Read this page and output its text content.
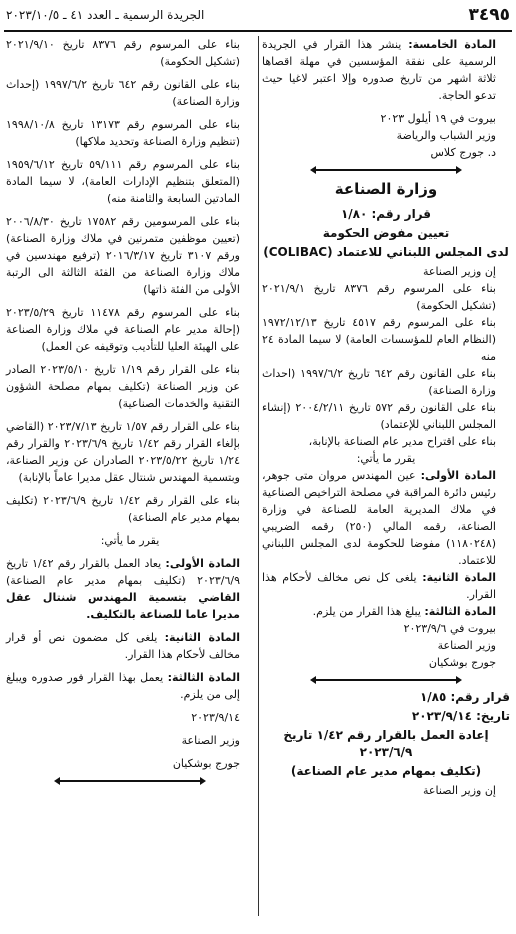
٣٤٩٥
الجريدة الرسمية ـ العدد ٤١ ـ ٢٠٢٣/١٠/٥

المادة الخامسة: ينشر هذا القرار في الجريدة الرسمية على نفقة المؤسسين في مهلة اقصاها ثلاثة اشهر من تاريخ صدوره وإلا اعتبر لاغيا حيث تدعو الحاجة.

بيروت في ١٩ أيلول ٢٠٢٣

وزير الشباب والرياضة

د. جورج كلاس

وزارة الصناعة

قرار رقم: ١/٨٠

تعيين مفوض الحكومة

لدى المجلس اللبناني للاعتماد (COLIBAC)

إن وزير الصناعة

بناء على المرسوم رقم ٨٣٧٦ تاريخ ٢٠٢١/٩/١ (تشكيل الحكومة)

بناء على المرسوم رقم ٤٥١٧ تاريخ ١٩٧٢/١٢/١٣ (النظام العام للمؤسسات العامة) لا سيما المادة ٢٤ منه

بناء على القانون رقم ٦٤٢ تاريخ ١٩٩٧/٦/٢ (احداث وزارة الصناعة)

بناء على القانون رقم ٥٧٢ تاريخ ٢٠٠٤/٢/١١ (إنشاء المجلس اللبناني للإعتماد)

بناء على اقتراح مدير عام الصناعة بالإنابة،

يقرر ما يأتي:

المادة الأولى: عين المهندس مروان متى جوهر، رئيس دائرة المراقبة في مصلحة التراخيص الصناعية في ملاك المديرية العامة للصناعة في وزارة الصناعة، رقمه المالي (٢٥٠) رقمه الضريبي (١١٨٠٢٤٨) مفوضا للحكومة لدى المجلس اللبناني للاعتماد.

المادة الثانية: يلغى كل نص مخالف لأحكام هذا القرار.

المادة الثالثة: يبلغ هذا القرار من يلزم.

بيروت في ٢٠٢٣/٩/٦

وزير الصناعة

جورج بوشكيان

قرار رقم: ١/٨٥

تاريخ: ٢٠٢٣/٩/١٤

إعادة العمل بالقرار رقم ١/٤٢ تاريخ ٢٠٢٣/٦/٩

(تكليف بمهام مدير عام الصناعة)

إن وزير الصناعة

بناء على المرسوم رقم ٨٣٧٦ تاريخ ٢٠٢١/٩/١٠ (تشكيل الحكومة)

بناء على القانون رقم ٦٤٢ تاريخ ١٩٩٧/٦/٢ (إحداث وزارة الصناعة)

بناء على المرسوم رقم ١٣١٧٣ تاريخ ١٩٩٨/١٠/٨ (تنظيم وزارة الصناعة وتحديد ملاكها)

بناء على المرسوم رقم ٥٩/١١١ تاريخ ١٩٥٩/٦/١٢ (المتعلق بتنظيم الإدارات العامة)، لا سيما المادة المادتين السابعة والثامنة منه)

بناء على المرسومين رقم ١٧٥٨٢ تاريخ ٢٠٠٦/٨/٣٠ (تعيين موظفين متمرنين في ملاك وزارة الصناعة) ورقم ٣١٠٧ تاريخ ٢٠١٦/٣/١٧ (ترفيع مهندسين في ملاك وزارة الصناعة من الفئة الثالثة الى الرتبة الأولى من الفئة ذاتها)

بناء على المرسوم رقم ١١٤٧٨ تاريخ ٢٠٢٣/٥/٢٩ (إحالة مدير عام الصناعة في ملاك وزارة الصناعة على الهيئة العليا للتأديب وتوقيفه عن العمل)

بناء على القرار رقم ١/١٩ تاريخ ٢٠٢٣/٥/١٠ الصادر عن وزير الصناعة (تكليف بمهام مصلحة الشؤون التقنية والخدمات الصناعية)

بناء على القرار رقم ١/٥٧ تاريخ ٢٠٢٣/٧/١٣ (القاضي بإلغاء القرار رقم ١/٤٢ تاريخ ٢٠٢٣/٦/٩ والقرار رقم ١/٢٤ تاريخ ٢٠٢٣/٥/٢٢ الصادران عن وزير الصناعة، وبتسمية المهندس شنتال عقل مديرا عاماً بالإنابة)

بناء على القرار رقم ١/٤٢ تاريخ ٢٠٢٣/٦/٩ (تكليف بمهام مدير عام الصناعة)

يقرر ما يأتي:

المادة الأولى: يعاد العمل بالقرار رقم ١/٤٢ تاريخ ٢٠٢٣/٦/٩ (تكليف بمهام مدير عام الصناعة) القاضي بتسمية المهندس شنتال عقل مديرا عاما للصناعة بالتكليف.

المادة الثانية: يلغى كل مضمون نص أو قرار مخالف لأحكام هذا القرار.

المادة الثالثة: يعمل بهذا القرار فور صدوره ويبلغ إلى من يلزم.

٢٠٢٣/٩/١٤

وزير الصناعة

جورج بوشكيان
